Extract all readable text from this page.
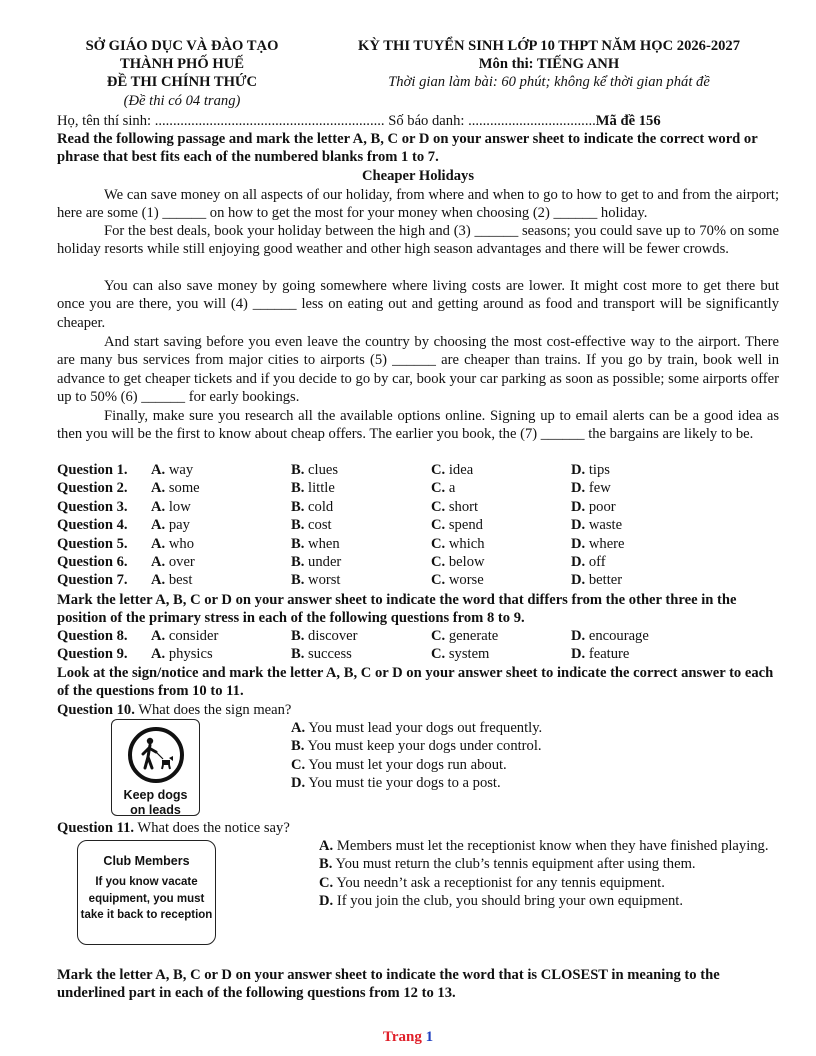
SỞ GIÁO DỤC VÀ ĐÀO TẠO
THÀNH PHỐ HUẾ
ĐỀ THI CHÍNH THỨC
(Đề thi có 04 trang)
KỲ THI TUYỂN SINH LỚP 10 THPT NĂM HỌC 2026-2027
Môn thi: TIẾNG ANH
Thời gian làm bài: 60 phút; không kể thời gian phát đề
Họ, tên thí sinh: ............................................................... Số báo danh: ...................................Mã đề 156
Read the following passage and mark the letter A, B, C or D on your answer sheet to indicate the correct word or phrase that best fits each of the numbered blanks from 1 to 7.
Cheaper Holidays
We can save money on all aspects of our holiday, from where and when to go to how to get to and from the airport; here are some (1) ______ on how to get the most for your money when choosing (2) ______ holiday.
For the best deals, book your holiday between the high and (3) ______ seasons; you could save up to 70% on some holiday resorts while still enjoying good weather and other high season advantages and there will be fewer crowds.
You can also save money by going somewhere where living costs are lower. It might cost more to get there but once you are there, you will (4) ______ less on eating out and getting around as food and transport will be significantly cheaper.
And start saving before you even leave the country by choosing the most cost-effective way to the airport. There are many bus services from major cities to airports (5) ______ are cheaper than trains. If you go by train, book well in advance to get cheaper tickets and if you decide to go by car, book your car parking as soon as possible; some airports offer up to 50% (6) ______ for early bookings.
Finally, make sure you research all the available options online. Signing up to email alerts can be a good idea as then you will be the first to know about cheap offers. The earlier you book, the (7) ______ the bargains are likely to be.
Question 1. A. way	B. clues	C. idea	D. tips
Question 2. A. some	B. little	C. a	D. few
Question 3. A. low	B. cold	C. short	D. poor
Question 4. A. pay	B. cost	C. spend	D. waste
Question 5. A. who	B. when	C. which	D. where
Question 6. A. over	B. under	C. below	D. off
Question 7. A. best	B. worst	C. worse	D. better
Mark the letter A, B, C or D on your answer sheet to indicate the word that differs from the other three in the position of the primary stress in each of the following questions from 8 to 9.
Question 8. A. consider	B. discover	C. generate	D. encourage
Question 9. A. physics	B. success	C. system	D. feature
Look at the sign/notice and mark the letter A, B, C or D on your answer sheet to indicate the correct answer to each of the questions from 10 to 11.
Question 10. What does the sign mean?
Keep dogs
on leads
A. You must lead your dogs out frequently.
B. You must keep your dogs under control.
C. You must let your dogs run about.
D. You must tie your dogs to a post.
Question 11. What does the notice say?
Club Members
If you know vacate
equipment, you must
take it back to reception
A. Members must let the receptionist know when they have finished playing.
B. You must return the club’s tennis equipment after using them.
C. You needn’t ask a receptionist for any tennis equipment.
D. If you join the club, you should bring your own equipment.
Mark the letter A, B, C or D on your answer sheet to indicate the word that is CLOSEST in meaning to the underlined part in each of the following questions from 12 to 13.
Trang 1
